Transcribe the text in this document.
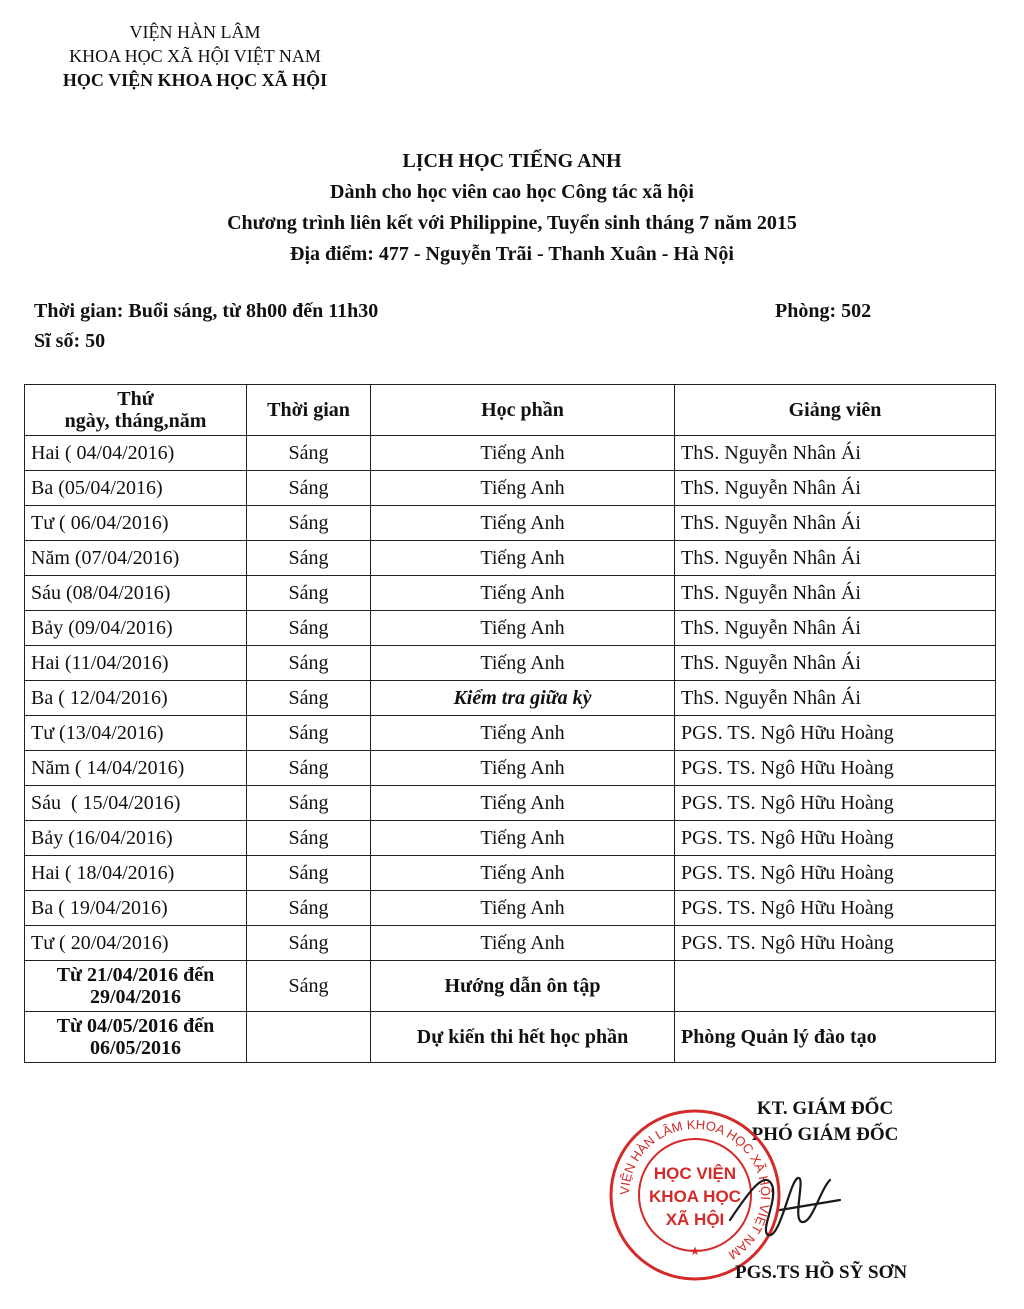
VIỆN HÀN LÂM
KHOA HỌC XÃ HỘI VIỆT NAM
HỌC VIỆN KHOA HỌC XÃ HỘI
LỊCH HỌC TIẾNG ANH
Dành cho học viên cao học Công tác xã hội
Chương trình liên kết với Philippine, Tuyển sinh tháng 7 năm 2015
Địa điểm: 477 - Nguyễn Trãi - Thanh Xuân - Hà Nội
Thời gian: Buổi sáng, từ 8h00 đến 11h30	Phòng: 502
Sĩ số: 50
Thứ
ngày, tháng,năm	Thời gian	Học phần	Giảng viên
Hai ( 04/04/2016)	Sáng	Tiếng Anh	ThS. Nguyễn Nhân Ái
Ba (05/04/2016)	Sáng	Tiếng Anh	ThS. Nguyễn Nhân Ái
Tư ( 06/04/2016)	Sáng	Tiếng Anh	ThS. Nguyễn Nhân Ái
Năm (07/04/2016)	Sáng	Tiếng Anh	ThS. Nguyễn Nhân Ái
Sáu (08/04/2016)	Sáng	Tiếng Anh	ThS. Nguyễn Nhân Ái
Bảy (09/04/2016)	Sáng	Tiếng Anh	ThS. Nguyễn Nhân Ái
Hai (11/04/2016)	Sáng	Tiếng Anh	ThS. Nguyễn Nhân Ái
Ba ( 12/04/2016)	Sáng	Kiểm tra giữa kỳ	ThS. Nguyễn Nhân Ái
Tư (13/04/2016)	Sáng	Tiếng Anh	PGS. TS. Ngô Hữu Hoàng
Năm ( 14/04/2016)	Sáng	Tiếng Anh	PGS. TS. Ngô Hữu Hoàng
Sáu  ( 15/04/2016)	Sáng	Tiếng Anh	PGS. TS. Ngô Hữu Hoàng
Bảy (16/04/2016)	Sáng	Tiếng Anh	PGS. TS. Ngô Hữu Hoàng
Hai ( 18/04/2016)	Sáng	Tiếng Anh	PGS. TS. Ngô Hữu Hoàng
Ba ( 19/04/2016)	Sáng	Tiếng Anh	PGS. TS. Ngô Hữu Hoàng
Tư ( 20/04/2016)	Sáng	Tiếng Anh	PGS. TS. Ngô Hữu Hoàng

Từ 21/04/2016 đến
29/04/2016	Sáng	Hướng dẫn ôn tập	

Từ 04/05/2016 đến
06/05/2016		Dự kiến thi hết học phần	Phòng Quản lý đào tạo
KT. GIÁM ĐỐC
PHÓ GIÁM ĐỐC
VIỆN HÀN LÂM KHOA HỌC XÃ HỘI VIỆT NAM
HỌC VIỆN
KHOA HỌC
XÃ HỘI
★
PGS.TS HỒ SỸ SƠN
